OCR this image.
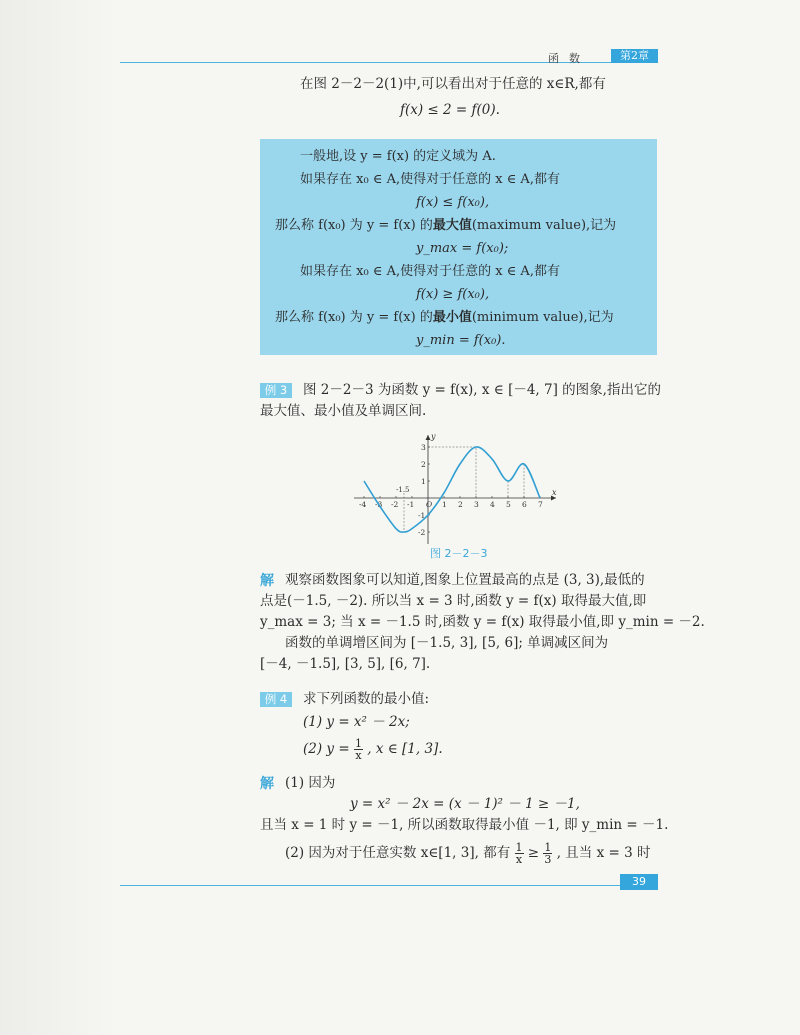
函数	第2章
在图 2－2－2(1)中,可以看出对于任意的 x∈R,都有
f(x) ≤ 2 = f(0).
一般地,设 y = f(x) 的定义域为 A.
如果存在 x₀ ∈ A,使得对于任意的 x ∈ A,都有
f(x) ≤ f(x₀),
那么称 f(x₀) 为 y = f(x) 的最大值(maximum value),记为
y_max = f(x₀);
如果存在 x₀ ∈ A,使得对于任意的 x ∈ A,都有
f(x) ≥ f(x₀),
那么称 f(x₀) 为 y = f(x) 的最小值(minimum value),记为
y_min = f(x₀).
例 3	图 2－2－3 为函数 y = f(x), x ∈ [－4, 7] 的图象,指出它的
最大值、最小值及单调区间.
x
y
-4 -3 -2 -1 O 1 2 3 4 5 6 7
3
2
1
-1
-2
-1.5
图 2－2－3
解 观察函数图象可以知道,图象上位置最高的点是 (3, 3),最低的
点是(－1.5, －2). 所以当 x = 3 时,函数 y = f(x) 取得最大值,即
y_max = 3; 当 x = －1.5 时,函数 y = f(x) 取得最小值,即 y_min = －2.
函数的单调增区间为 [－1.5, 3], [5, 6]; 单调减区间为
[－4, －1.5], [3, 5], [6, 7].
例 4	求下列函数的最小值:
(1) y = x² － 2x;
(2) $y = \frac{1}{x}$ , x ∈ [1, 3].
解 (1) 因为
y = x² － 2x = (x － 1)² － 1 ≥ －1,
且当 x = 1 时 y = －1, 所以函数取得最小值 －1, 即 y_min = －1.
(2) 因为对于任意实数 x∈[1, 3], 都有 $\frac{1}{x} \ge \frac{1}{3}$ , 且当 x = 3 时
39
